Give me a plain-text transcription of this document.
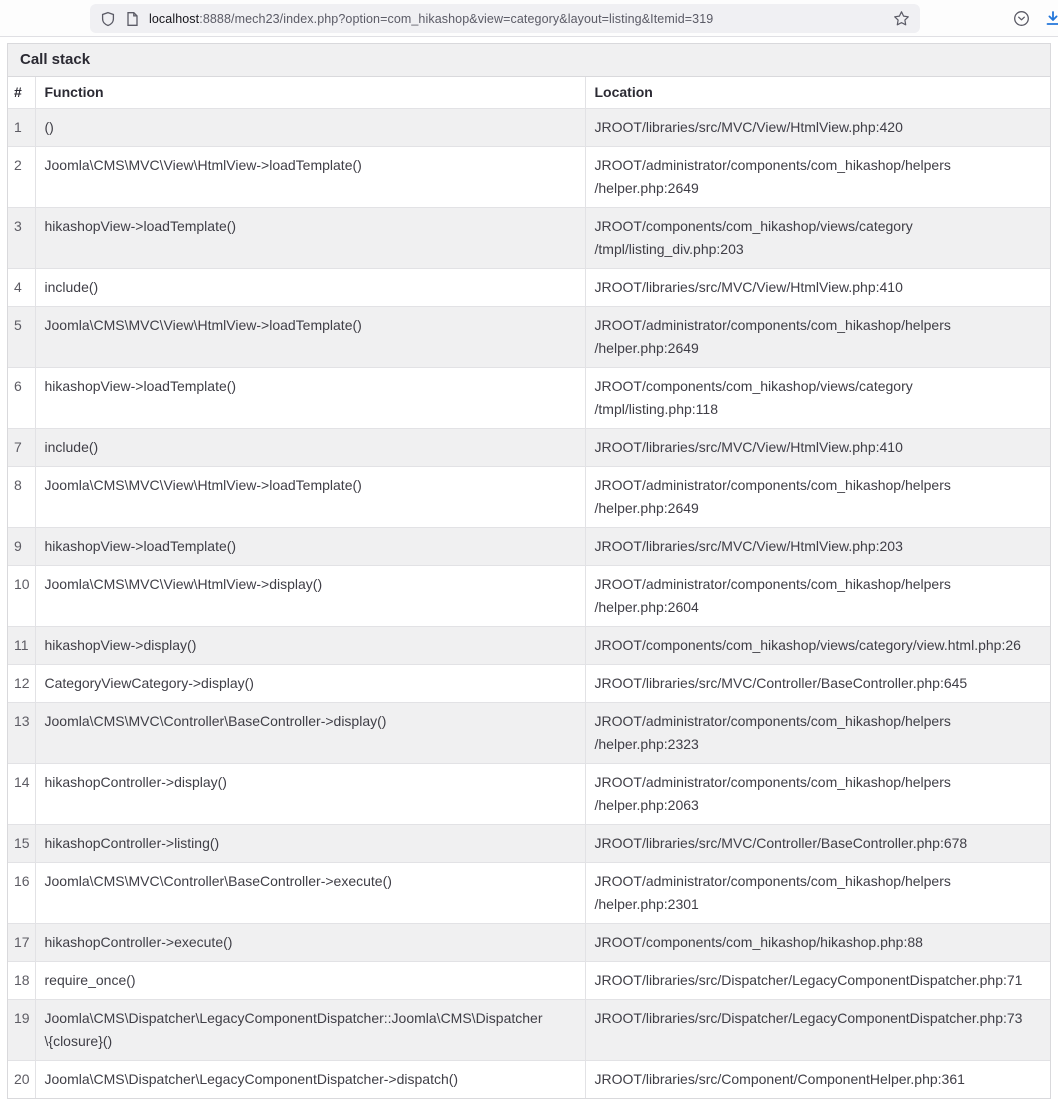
localhost:8888/mech23/index.php?option=com_hikashop&view=category&layout=listing&Itemid=319
Call stack
#	Function	Location
1	()	JROOT/libraries/src/MVC/View/HtmlView.php:420
2	Joomla\CMS\MVC\View\HtmlView->loadTemplate()	JROOT/administrator/components/com_hikashop/helpers
/helper.php:2649
3	hikashopView->loadTemplate()	JROOT/components/com_hikashop/views/category
/tmpl/listing_div.php:203
4	include()	JROOT/libraries/src/MVC/View/HtmlView.php:410
5	Joomla\CMS\MVC\View\HtmlView->loadTemplate()	JROOT/administrator/components/com_hikashop/helpers
/helper.php:2649
6	hikashopView->loadTemplate()	JROOT/components/com_hikashop/views/category
/tmpl/listing.php:118
7	include()	JROOT/libraries/src/MVC/View/HtmlView.php:410
8	Joomla\CMS\MVC\View\HtmlView->loadTemplate()	JROOT/administrator/components/com_hikashop/helpers
/helper.php:2649
9	hikashopView->loadTemplate()	JROOT/libraries/src/MVC/View/HtmlView.php:203
10	Joomla\CMS\MVC\View\HtmlView->display()	JROOT/administrator/components/com_hikashop/helpers
/helper.php:2604
11	hikashopView->display()	JROOT/components/com_hikashop/views/category/view.html.php:26
12	CategoryViewCategory->display()	JROOT/libraries/src/MVC/Controller/BaseController.php:645
13	Joomla\CMS\MVC\Controller\BaseController->display()	JROOT/administrator/components/com_hikashop/helpers
/helper.php:2323
14	hikashopController->display()	JROOT/administrator/components/com_hikashop/helpers
/helper.php:2063
15	hikashopController->listing()	JROOT/libraries/src/MVC/Controller/BaseController.php:678
16	Joomla\CMS\MVC\Controller\BaseController->execute()	JROOT/administrator/components/com_hikashop/helpers
/helper.php:2301
17	hikashopController->execute()	JROOT/components/com_hikashop/hikashop.php:88
18	require_once()	JROOT/libraries/src/Dispatcher/LegacyComponentDispatcher.php:71
19	Joomla\CMS\Dispatcher\LegacyComponentDispatcher::Joomla\CMS\Dispatcher
\{closure}()	JROOT/libraries/src/Dispatcher/LegacyComponentDispatcher.php:73
20	Joomla\CMS\Dispatcher\LegacyComponentDispatcher->dispatch()	JROOT/libraries/src/Component/ComponentHelper.php:361
